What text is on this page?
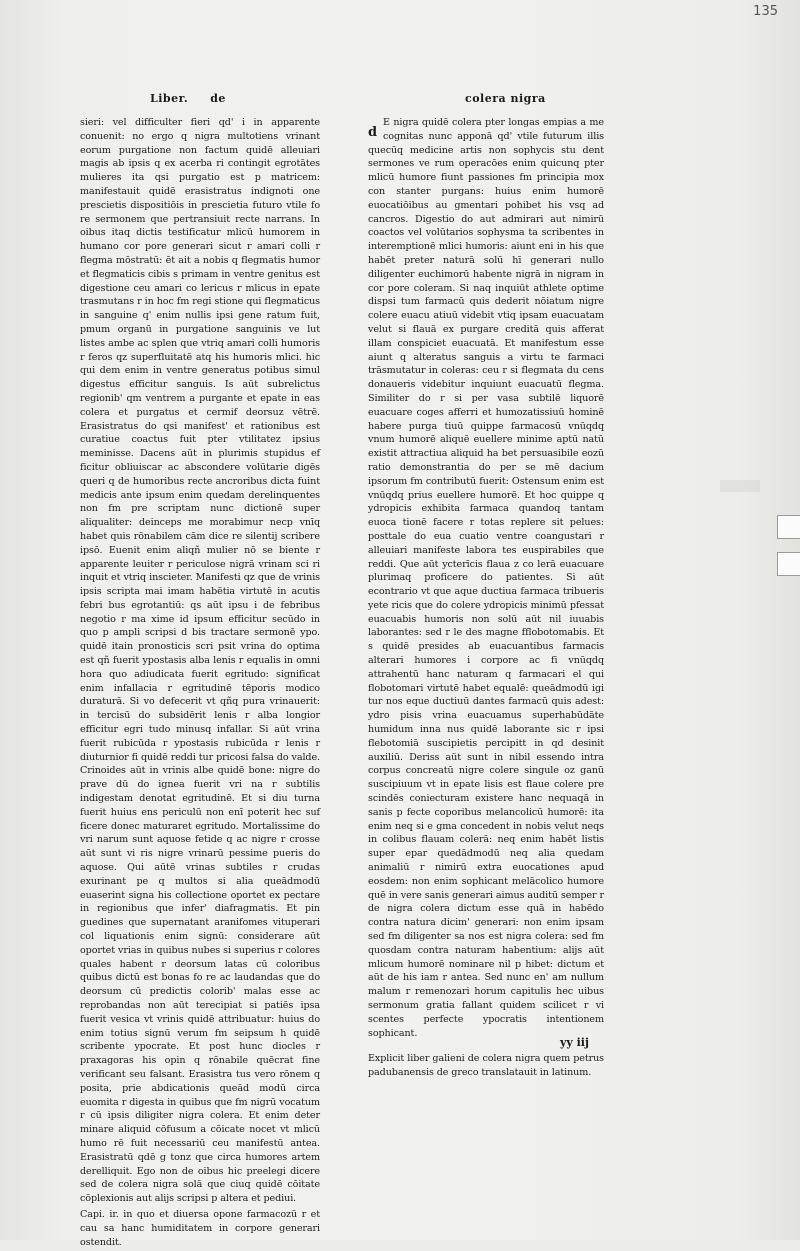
135
Liber. de	colera nigra

sieri: vel difficulter fieri qd' i in apparente conuenit: no ergo q nigra multotiens vrinant eorum purgatione non factum quidē alleuiari magis ab ipsis q ex acerba ri contingit egrotātes mulieres ita qsi purgatio est p matricem: manifestauit quidē erasistratus indignoti one prescietis dispositiōis in prescietia futuro vtile fo re sermonem que pertransiuit recte narrans. In oibus itaq dictis testificatur mlicū humorem in humano cor pore generari sicut r amari colli r flegma mōstratū: ēt ait a nobis q flegmatis humor et flegmaticis cibis s primam in ventre genitus est digestione ceu amari co lericus r mlicus in epate trasmutans r in hoc fm regi stione qui flegmaticus in sanguine q' enim nullis ipsi gene ratum fuit, pmum organū in purgatione sanguinis ve lut listes ambe ac splen que vtriq amari colli humoris r feros qz superfluitatē atq his humoris mlici. hic qui dem enim in ventre generatus potibus simul digestus efficitur sanguis. Is aūt subrelictus regionib' qm ventrem a purgante et epate in eas colera et purgatus et cermif deorsuz vētrē. Erasistratus do qsi manifest' et rationibus est curatiue coactus fuit pter vtilitatez ipsius meminisse. Dacens aūt in plurimis stupidus ef ficitur obliuiscar ac abscondere volūtarie digēs queri q de humoribus recte ancroribus dicta fuint medicis ante ipsum enim quedam derelinquentes non fm pre scriptam nunc dictionē super aliqualiter: deinceps me morabimur necp vnīq habet quis rōnabilem cām dice re silentij scribere ipsō. Euenit enim aliqñ mulier nō se biente r apparente leuiter r periculose nigrā vrinam sci ri inquit et vtriq inscieter. Manifesti qz que de vrinis ipsis scripta mai imam habētia virtutē in acutis febri bus egrotantiū: qs aūt ipsu i de febribus negotio r ma xime id ipsum efficitur secūdo in quo p ampli scripsi d bis tractare sermonē ypo. quidē itain pronosticis scri psit vrina do optima est qñ fuerit ypostasis alba lenis r equalis in omni hora quo adiudicata fuerit egritudo: significat enim infallacia r egritudinē tēporis modico duraturā. Si vo defecerit vt qñq pura vrinauerit: in tercisū do subsidērit lenis r alba longior efficitur egri tudo minusq infallar. Si aūt vrina fuerit rubicūda r ypostasis rubicūda r lenis r diuturnior fi quidē reddi tur pricosi falsa do valde. Crinoides aūt in vrinis albe quidē bone: nigre do prave dū do ignea fuerit vri na r subtilis indigestam denotat egritudinē. Et si diu turna fuerit huius ens periculū non enī poterit hec suf ficere donec maturaret egritudo. Mortalissime do vri narum sunt aquose fetide q ac nigre r crosse aūt sunt vi ris nigre vrinarū pessime pueris do aquose. Qui aūtē vrinas subtiles r crudas exurinant pe q multos si alia queādmodū euaserint signa his collectione oportet ex pectare in regionibus que infer' diafragmatis. Et pin guedines que supernatant aranifomes vituperari col liquationis enim signū: considerare aūt oportet vrias in quibus nubes si superius r colores quales habent r deorsum latas cū coloribus quibus dictū est bonas fo re ac laudandas que do deorsum cū predictis colorib' malas esse ac reprobandas non aūt terecipiat si patiēs ipsa fuerit vesica vt vrinis quidē attribuatur: huius do enim totius signū verum fm seipsum h quidē scribente ypocrate. Et post hunc diocles r praxagoras his opin q rōnabile quēcrat fine verificant seu falsant. Erasistra tus vero rōnem q posita, prie abdicationis queād modū circa euomita r digesta in quibus que fm nigrū vocatum r cū ipsis diligiter nigra colera. Et enim deter minare aliquid cōfusum a cōicate nocet vt mlicū humo rē fuit necessariū ceu manifestū antea. Erasistratū qdē g tonz que circa humores artem derelliquit. Ego non de oibus hic preelegi dicere sed de colera nigra solā que ciuq quidē cōitate cōplexionis aut alijs scripsi p altera et pediui.

Capi. ir. in quo et diuersa opone farmacozū r et cau sa hanc humiditatem in corpore generari ostendit.

d

E nigra quidē colera pter longas empias a me cognitas nunc apponā qd' vtile futurum illis quecūq medicine artis non sophycis stu dent sermones ve rum operacōes enim quicunq pter mlicū humore fiunt passiones fm principia mox con stanter purgans: huius enim humorē euocatiōibus au gmentari pohibet his vsq ad cancros. Digestio do aut admirari aut nimirū coactos vel volūtarios sophysma ta scribentes in interemptionē mlici humoris: aiunt eni in his que habēt preter naturā solū hī generari nullo diligenter euchimorū habente nigrā in nigram in cor pore coleram. Si naq inquiūt athlete optime dispsi tum farmacū quis dederit nōiatum nigre colere euacu atiuū videbit vtiq ipsam euacuatam velut si flauā ex purgare creditā quis afferat illam conspiciet euacuatā. Et manifestum esse aiunt q alteratus sanguis a virtu te farmaci trāsmutatur in coleras: ceu r si flegmata du cens donaueris videbitur inquiunt euacuatū flegma. Similiter do r si per vasa subtilē liquorē euacuare coges afferri et humozatissiuū hominē habere purga tiuū quippe farmacosū vnūqdq vnum humorē aliquē euellere minime aptū natū existit attractiua aliquid ha bet persuasibile eozū ratio demonstrantia do per se mē dacium ipsorum fm contributū fuerit: Ostensum enim est vnūqdq prius euellere humorē. Et hoc quippe q ydropicis exhibita farmaca quandoq tantam euoca tionē facere r totas replere sit pelues: posttale do eua cuatio ventre coangustari r alleuiari manifeste labora tes euspirabiles que reddi. Que aūt ycterīcis flaua z co lerā euacuare plurimaq proficere do patientes. Si aūt econtrario vt que aque ductiua farmaca tribueris yete ricis que do colere ydropicis minimū pfessat euacuabis humoris non solū aūt nil iuuabis laborantes: sed r le des magne fflobotomabis. Et s quidē presides ab euacuantibus farmacis alterari humores i corpore ac fi vnūqdq attrahentū hanc naturam q farmacari el qui flobotomari virtutē habet equalē: queādmodū igi tur nos eque ductiuū dantes farmacū quis adest: ydro pisis vrina euacuamus superhabūdāte humidum inna nus quidē laborante sic r ipsi flebotomiā suscipietis percipitt in qd desinit auxiliū. Deriss aūt sunt in nibil essendo intra corpus concreatū nigre colere singule oz ganū suscipiuum vt in epate lisis est flaue colere pre scindēs coniecturam existere hanc nequaqā in sanis p fecte coporibus melancolicū humorē: ita enim neq si e gma concedent in nobis velut neqs in colibus flauam colerā: neq enim habēt listis super epar quedādmodū neq alia quedam animaliū r nimirū extra euocationes apud eosdem: non enim sophicant melācolico humore quē in vere sanis generari aimus auditū semper r de nigra colera dictum esse quā in habēdo contra natura dicim' generari: non enim ipsam sed fm diligenter sa nos est nigra colera: sed fm quosdam contra naturam habentium: alijs aūt mlicum humorē nominare nil p hibet: dictum et aūt de his iam r antea. Sed nunc en' am nullum malum r remenozari horum capitulis hec uibus sermonum gratia fallant quidem scilicet r vi scentes perfecte ypocratis intentionem sophicant.

Explicit liber galieni de colera nigra quem petrus padubanensis de greco translatauit in latinum.

yy iij
